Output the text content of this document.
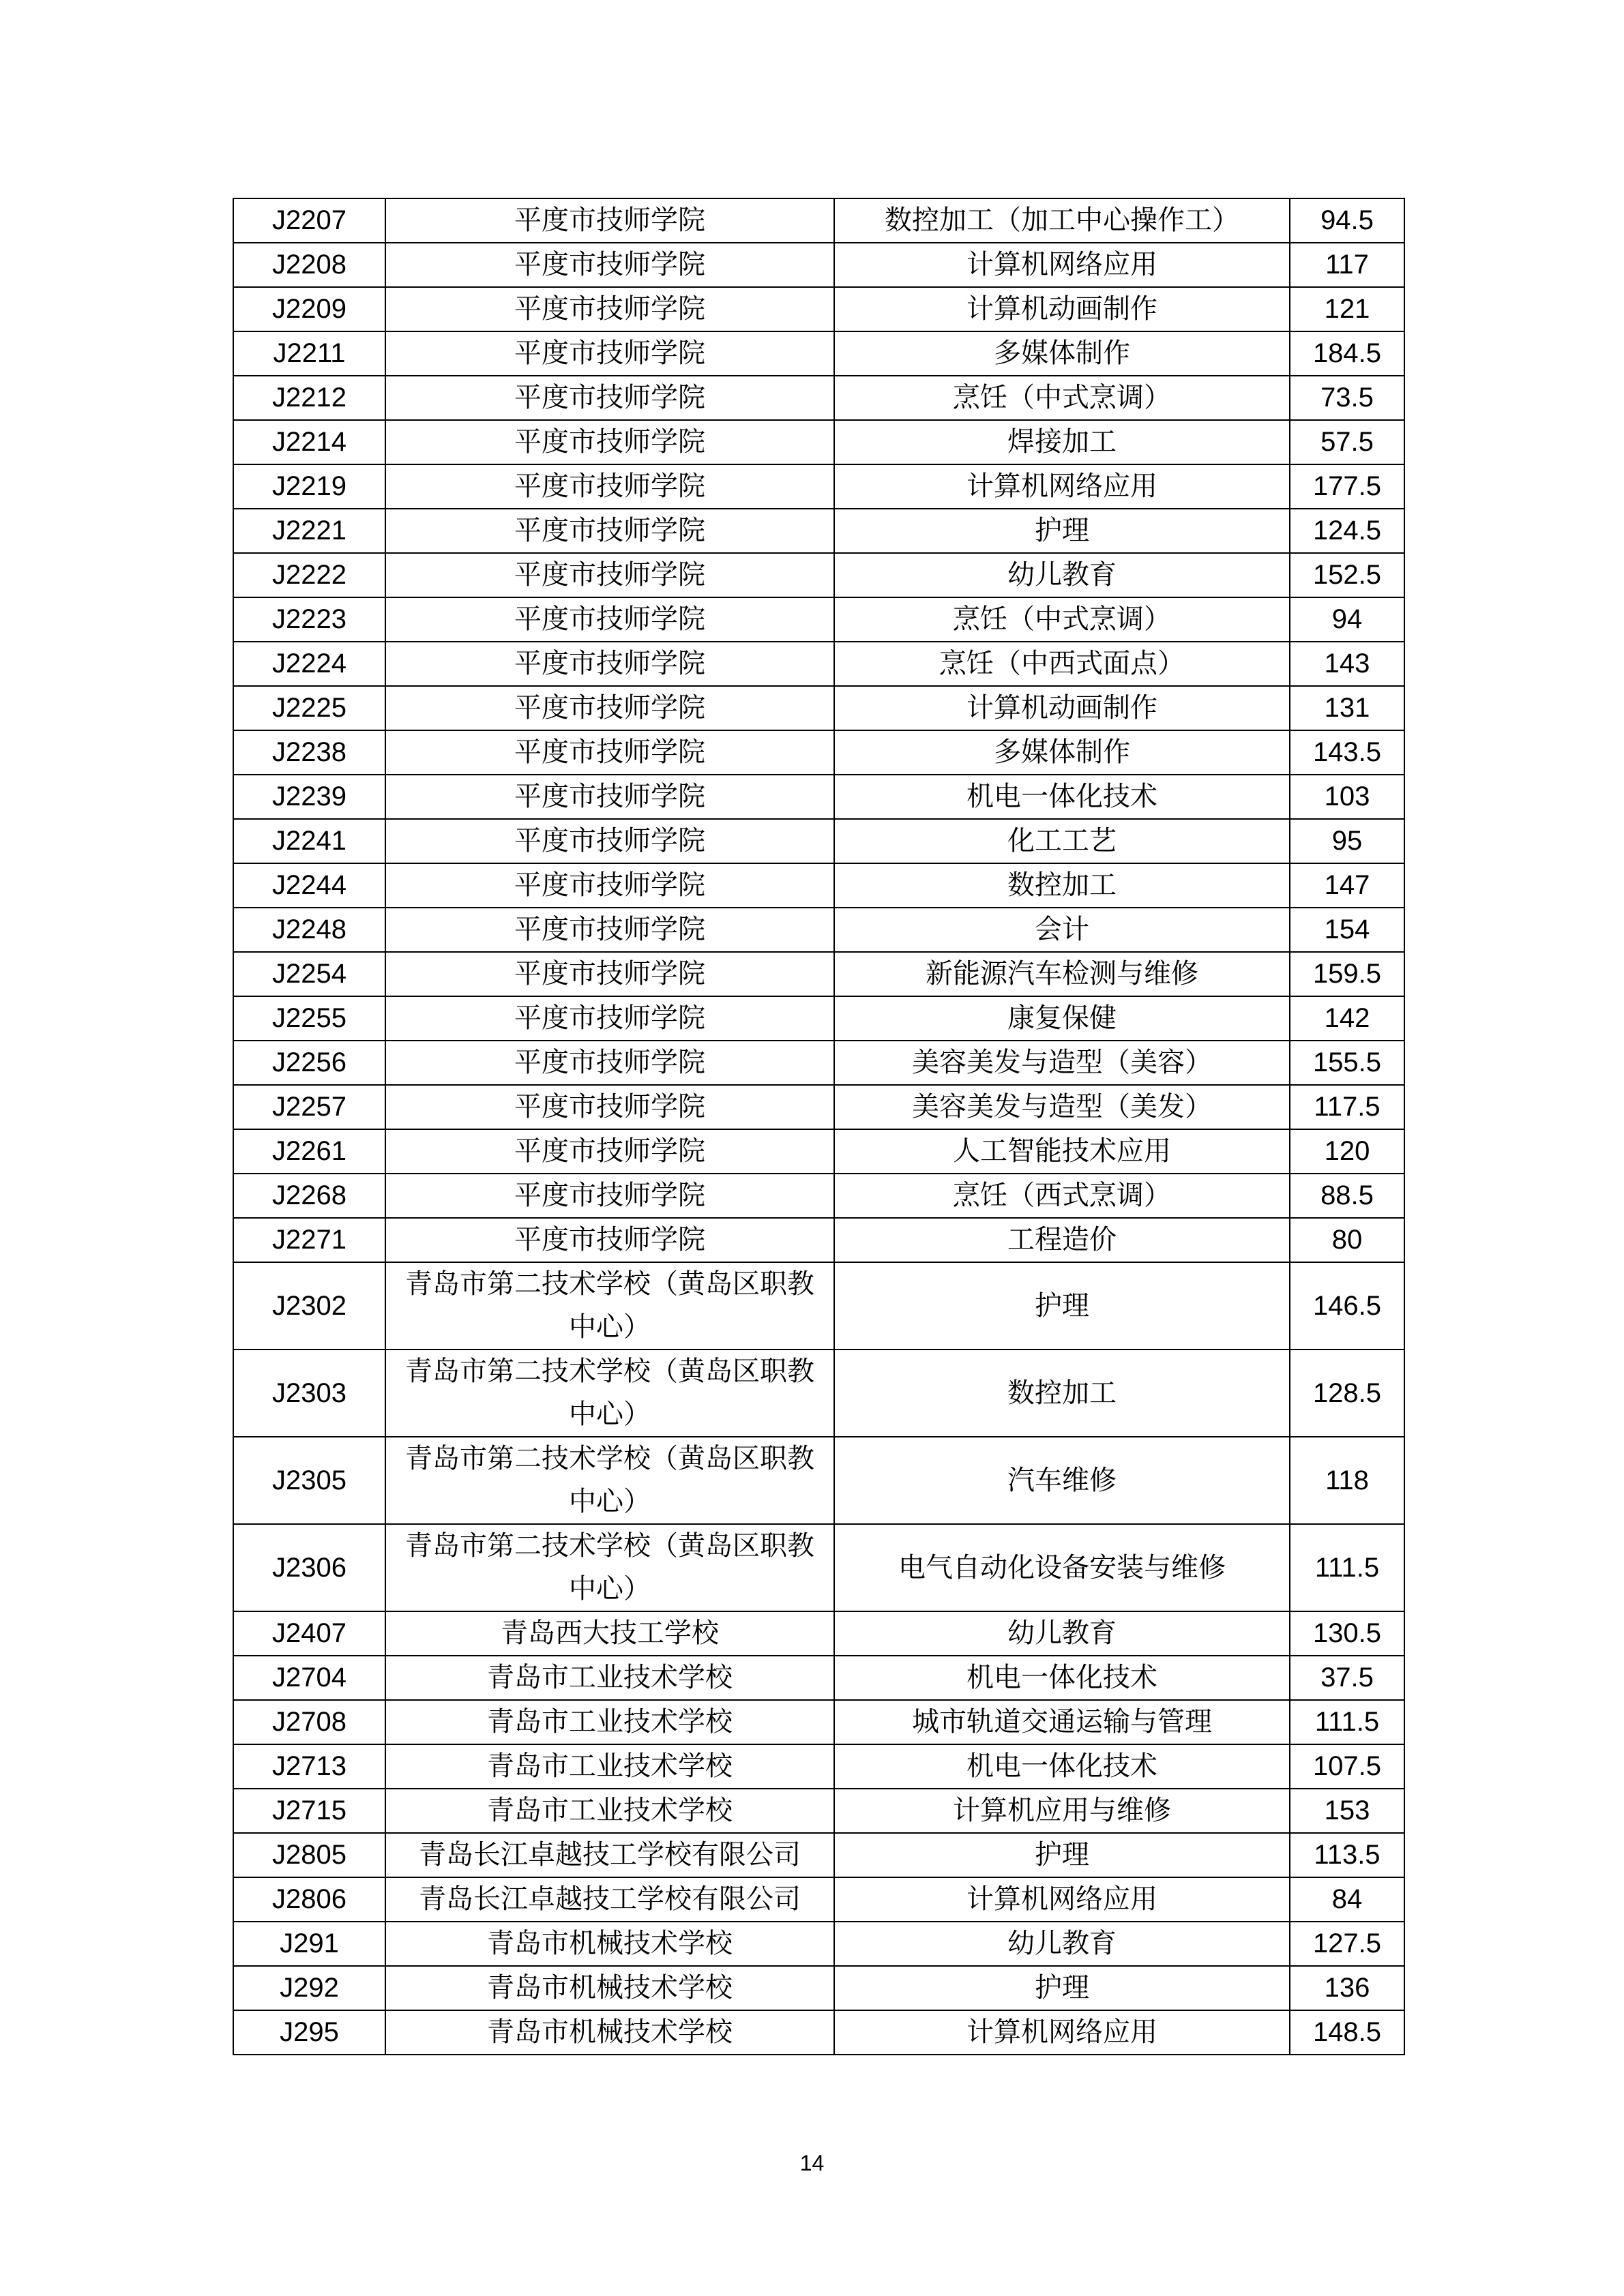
J2207	平度市技师学院	数控加工（加工中心操作工）	94.5
J2208	平度市技师学院	计算机网络应用	117
J2209	平度市技师学院	计算机动画制作	121
J2211	平度市技师学院	多媒体制作	184.5
J2212	平度市技师学院	烹饪（中式烹调）	73.5
J2214	平度市技师学院	焊接加工	57.5
J2219	平度市技师学院	计算机网络应用	177.5
J2221	平度市技师学院	护理	124.5
J2222	平度市技师学院	幼儿教育	152.5
J2223	平度市技师学院	烹饪（中式烹调）	94
J2224	平度市技师学院	烹饪（中西式面点）	143
J2225	平度市技师学院	计算机动画制作	131
J2238	平度市技师学院	多媒体制作	143.5
J2239	平度市技师学院	机电一体化技术	103
J2241	平度市技师学院	化工工艺	95
J2244	平度市技师学院	数控加工	147
J2248	平度市技师学院	会计	154
J2254	平度市技师学院	新能源汽车检测与维修	159.5
J2255	平度市技师学院	康复保健	142
J2256	平度市技师学院	美容美发与造型（美容）	155.5
J2257	平度市技师学院	美容美发与造型（美发）	117.5
J2261	平度市技师学院	人工智能技术应用	120
J2268	平度市技师学院	烹饪（西式烹调）	88.5
J2271	平度市技师学院	工程造价	80
J2302	青岛市第二技术学校（黄岛区职教中心）	护理	146.5
J2303	青岛市第二技术学校（黄岛区职教中心）	数控加工	128.5
J2305	青岛市第二技术学校（黄岛区职教中心）	汽车维修	118
J2306	青岛市第二技术学校（黄岛区职教中心）	电气自动化设备安装与维修	111.5
J2407	青岛西大技工学校	幼儿教育	130.5
J2704	青岛市工业技术学校	机电一体化技术	37.5
J2708	青岛市工业技术学校	城市轨道交通运输与管理	111.5
J2713	青岛市工业技术学校	机电一体化技术	107.5
J2715	青岛市工业技术学校	计算机应用与维修	153
J2805	青岛长江卓越技工学校有限公司	护理	113.5
J2806	青岛长江卓越技工学校有限公司	计算机网络应用	84
J291	青岛市机械技术学校	幼儿教育	127.5
J292	青岛市机械技术学校	护理	136
J295	青岛市机械技术学校	计算机网络应用	148.5
14
